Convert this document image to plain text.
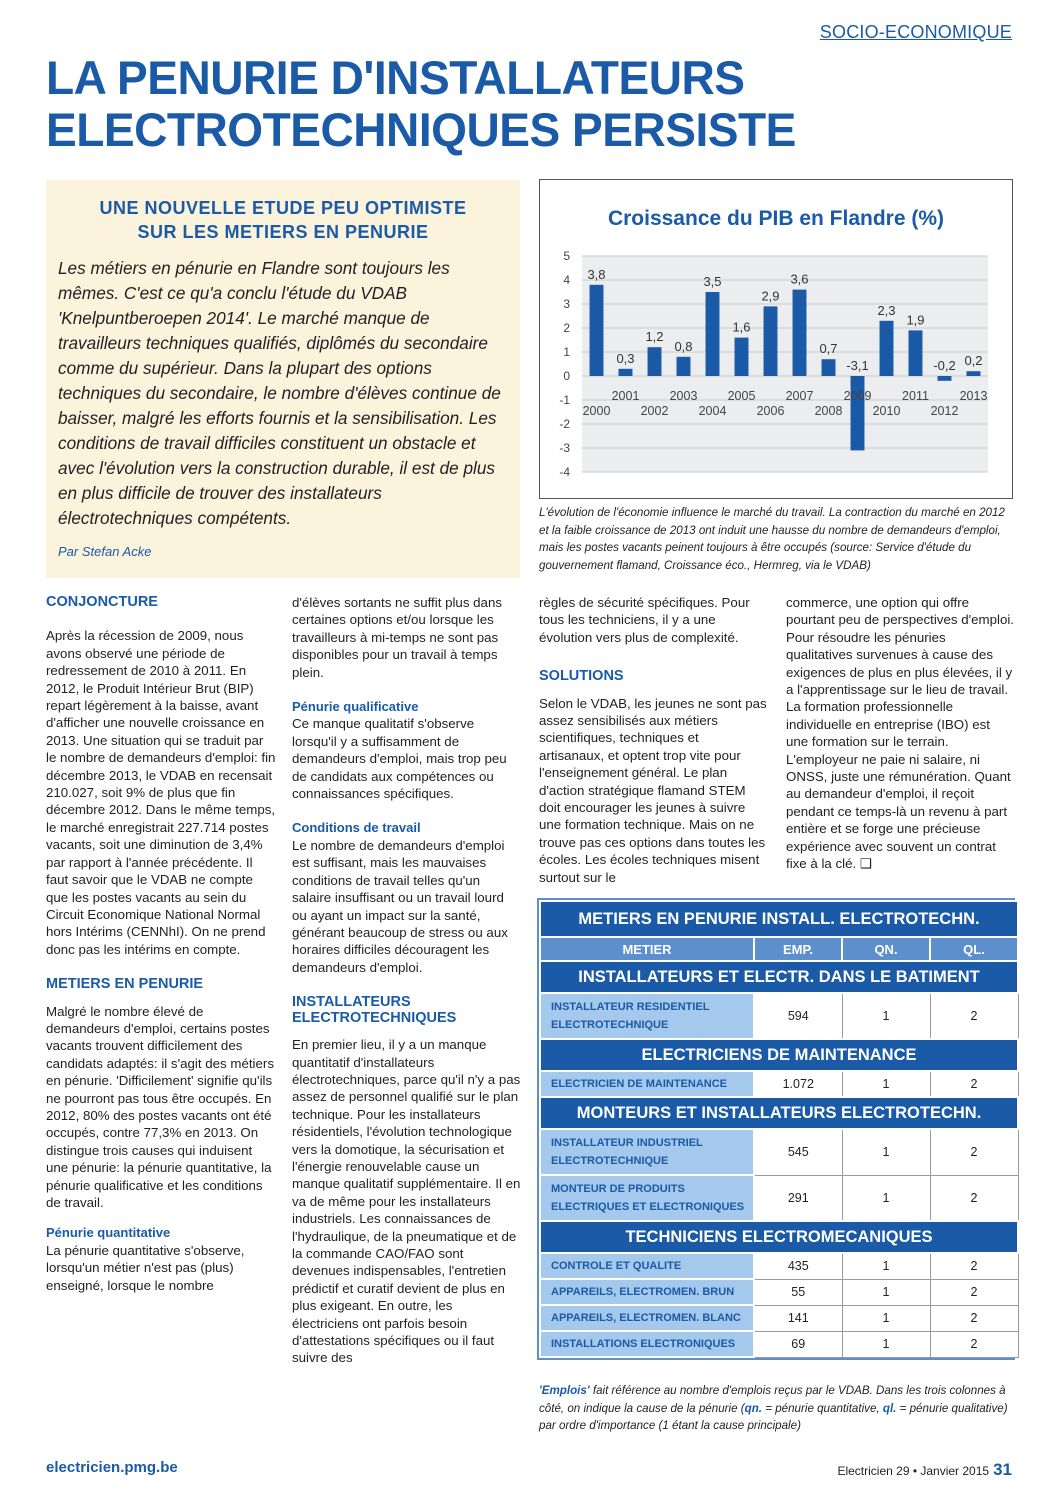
SOCIO-ECONOMIQUE
LA PENURIE D'INSTALLATEURS
ELECTROTECHNIQUES PERSISTE
UNE NOUVELLE ETUDE PEU OPTIMISTE
SUR LES METIERS EN PENURIE
Les métiers en pénurie en Flandre sont toujours les mêmes. C'est ce qu'a conclu l'étude du VDAB 'Knelpuntberoepen 2014'. Le marché manque de travailleurs techniques qualifiés, diplômés du secondaire comme du supérieur. Dans la plupart des options techniques du secondaire, le nombre d'élèves continue de baisser, malgré les efforts fournis et la sensibilisation. Les conditions de travail difficiles constituent un obstacle et avec l'évolution vers la construction durable, il est de plus en plus difficile de trouver des installateurs électrotechniques compétents.
Par Stefan Acke
Croissance du PIB en Flandre (%)
5
4
3
2
1
0
-1
-2
-3
-4
3,8
2000
0,3
2001
1,2
2002
0,8
2003
3,5
2004
1,6
2005
2,9
2006
3,6
2007
0,7
2008
-3,1
2009
2,3
2010
1,9
2011
-0,2
2012
0,2
2013
L'évolution de l'économie influence le marché du travail. La contraction du marché en 2012 et la faible croissance de 2013 ont induit une hausse du nombre de demandeurs d'emploi, mais les postes vacants peinent toujours à être occupés (source: Service d'étude du gouvernement flamand, Croissance éco., Hermreg, via le VDAB)
CONJONCTURE

Après la récession de 2009, nous avons observé une période de redressement de 2010 à 2011. En 2012, le Produit Intérieur Brut (BIP) repart légèrement à la baisse, avant d'afficher une nouvelle croissance en 2013. Une situation qui se traduit par le nombre de demandeurs d'emploi: fin décembre 2013, le VDAB en recensait 210.027, soit 9% de plus que fin décembre 2012. Dans le même temps, le marché enregistrait 227.714 postes vacants, soit une diminution de 3,4% par rapport à l'année précédente. Il faut savoir que le VDAB ne compte que les postes vacants au sein du Circuit Economique National Normal hors Intérims (CENNhI). On ne prend donc pas les intérims en compte.

METIERS EN PENURIE

Malgré le nombre élevé de demandeurs d'emploi, certains postes vacants trouvent difficilement des candidats adaptés: il s'agit des métiers en pénurie. 'Difficilement' signifie qu'ils ne pourront pas tous être occupés. En 2012, 80% des postes vacants ont été occupés, contre 77,3% en 2013. On distingue trois causes qui induisent une pénurie: la pénurie quantitative, la pénurie qualificative et les conditions de travail.

Pénurie quantitative

La pénurie quantitative s'observe, lorsqu'un métier n'est pas (plus) enseigné, lorsque le nombre

d'élèves sortants ne suffit plus dans certaines options et/ou lorsque les travailleurs à mi-temps ne sont pas disponibles pour un travail à temps plein.

Pénurie qualificative

Ce manque qualitatif s'observe lorsqu'il y a suffisamment de demandeurs d'emploi, mais trop peu de candidats aux compétences ou connaissances spécifiques.

Conditions de travail

Le nombre de demandeurs d'emploi est suffisant, mais les mauvaises conditions de travail telles qu'un salaire insuffisant ou un travail lourd ou ayant un impact sur la santé, générant beaucoup de stress ou aux horaires difficiles découragent les demandeurs d'emploi.

INSTALLATEURS
ELECTROTECHNIQUES

En premier lieu, il y a un manque quantitatif d'installateurs électrotechniques, parce qu'il n'y a pas assez de personnel qualifié sur le plan technique. Pour les installateurs résidentiels, l'évolution technologique vers la domotique, la sécurisation et l'énergie renouvelable cause un manque qualitatif supplémentaire. Il en va de même pour les installateurs industriels. Les connaissances de l'hydraulique, de la pneumatique et de la commande CAO/FAO sont devenues indispensables, l'entretien prédictif et curatif devient de plus en plus exigeant. En outre, les électriciens ont parfois besoin d'attestations spécifiques ou il faut suivre des

règles de sécurité spécifiques. Pour tous les techniciens, il y a une évolution vers plus de complexité.

SOLUTIONS

Selon le VDAB, les jeunes ne sont pas assez sensibilisés aux métiers scientifiques, techniques et artisanaux, et optent trop vite pour l'enseignement général. Le plan d'action stratégique flamand STEM doit encourager les jeunes à suivre une formation technique. Mais on ne trouve pas ces options dans toutes les écoles. Les écoles techniques misent surtout sur le

commerce, une option qui offre pourtant peu de perspectives d'emploi. Pour résoudre les pénuries qualitatives survenues à cause des exigences de plus en plus élevées, il y a l'apprentissage sur le lieu de travail. La formation professionnelle individuelle en entreprise (IBO) est une formation sur le terrain. L'employeur ne paie ni salaire, ni ONSS, juste une rémunération. Quant au demandeur d'emploi, il reçoit pendant ce temps-là un revenu à part entière et se forge une précieuse expérience avec souvent un contrat fixe à la clé. ❑

METIERS EN PENURIE INSTALL. ELECTROTECHN.			
METIER	EMP.	QN.	QL.
INSTALLATEURS ET ELECTR. DANS LE BATIMENT			

INSTALLATEUR RESIDENTIEL
ELECTROTECHNIQUE	594	1	2
ELECTRICIENS DE MAINTENANCE			
ELECTRICIEN DE MAINTENANCE	1.072	1	2
MONTEURS ET INSTALLATEURS ELECTROTECHN.			

INSTALLATEUR INDUSTRIEL
ELECTROTECHNIQUE	545	1	2

MONTEUR DE PRODUITS
ELECTRIQUES ET ELECTRONIQUES	291	1	2
TECHNICIENS ELECTROMECANIQUES			
CONTROLE ET QUALITE	435	1	2
APPAREILS, ELECTROMEN. BRUN	55	1	2
APPAREILS, ELECTROMEN. BLANC	141	1	2
INSTALLATIONS ELECTRONIQUES	69	1	2
'Emplois' fait référence au nombre d'emplois reçus par le VDAB. Dans les trois colonnes à côté, on indique la cause de la pénurie (qn. = pénurie quantitative, ql. = pénurie qualitative) par ordre d'importance (1 étant la cause principale)
electricien.pmg.be	Electricien 29 • Janvier 2015 31
